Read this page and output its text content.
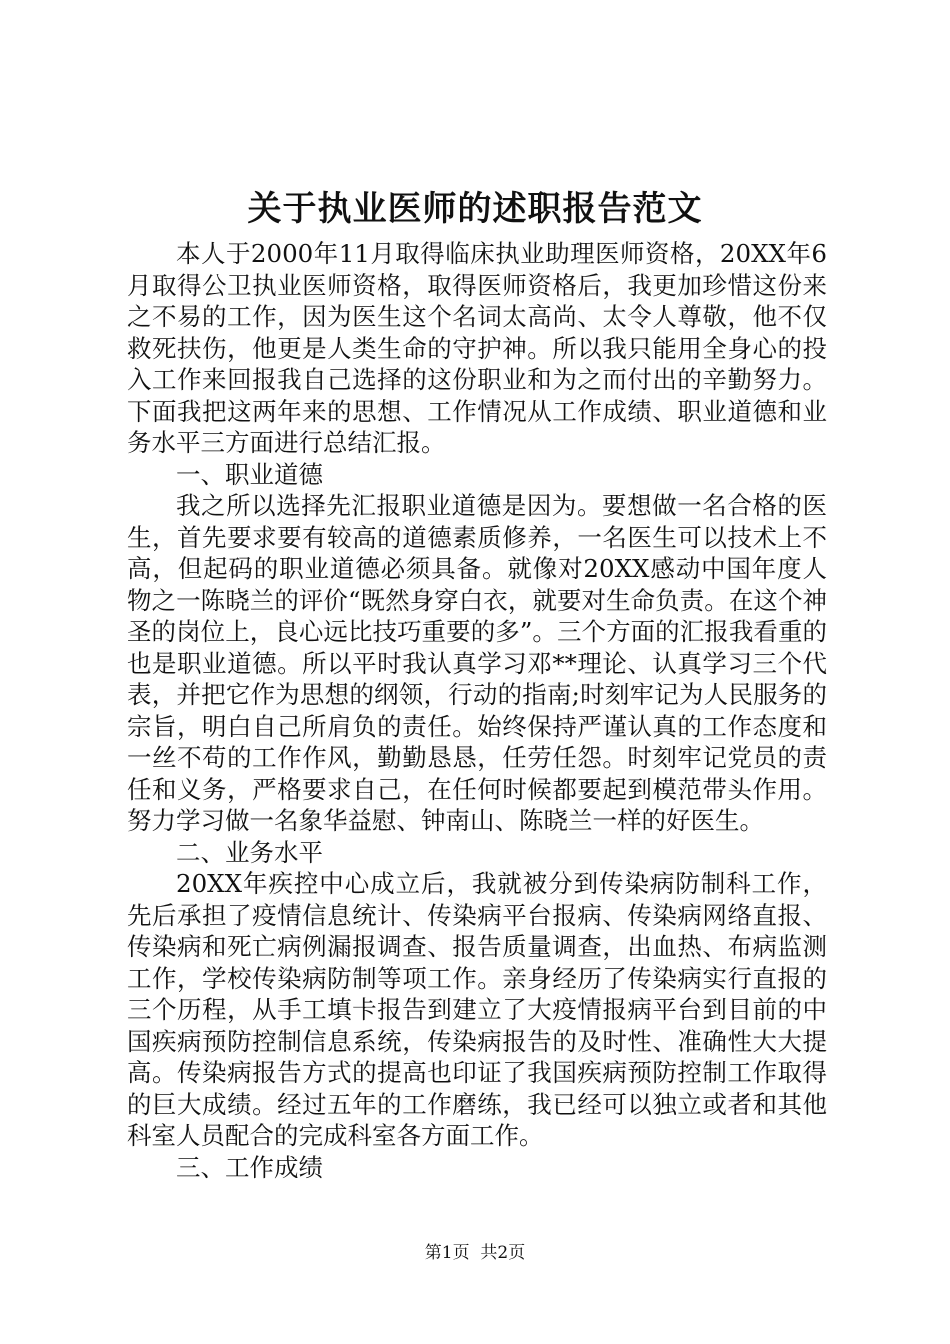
关于执业医师的述职报告范文

本人于2000年11月取得临床执业助理医师资格，20XX年6月取得公卫执业医师资格，取得医师资格后，我更加珍惜这份来之不易的工作，因为医生这个名词太高尚、太令人尊敬，他不仅救死扶伤，他更是人类生命的守护神。所以我只能用全身心的投入工作来回报我自己选择的这份职业和为之而付出的辛勤努力。下面我把这两年来的思想、工作情况从工作成绩、职业道德和业务水平三方面进行总结汇报。

一、职业道德

我之所以选择先汇报职业道德是因为。要想做一名合格的医生，首先要求要有较高的道德素质修养，一名医生可以技术上不高，但起码的职业道德必须具备。就像对20XX感动中国年度人物之一陈晓兰的评价“既然身穿白衣，就要对生命负责。在这个神圣的岗位上，良心远比技巧重要的多”。三个方面的汇报我看重的也是职业道德。所以平时我认真学习邓**理论、认真学习三个代表，并把它作为思想的纲领，行动的指南;时刻牢记为人民服务的宗旨，明白自己所肩负的责任。始终保持严谨认真的工作态度和一丝不苟的工作作风，勤勤恳恳，任劳任怨。时刻牢记党员的责任和义务，严格要求自己，在任何时候都要起到模范带头作用。努力学习做一名象华益慰、钟南山、陈晓兰一样的好医生。

二、业务水平

20XX年疾控中心成立后，我就被分到传染病防制科工作，先后承担了疫情信息统计、传染病平台报病、传染病网络直报、传染病和死亡病例漏报调查、报告质量调查，出血热、布病监测工作，学校传染病防制等项工作。亲身经历了传染病实行直报的三个历程，从手工填卡报告到建立了大疫情报病平台到目前的中国疾病预防控制信息系统，传染病报告的及时性、准确性大大提高。传染病报告方式的提高也印证了我国疾病预防控制工作取得的巨大成绩。经过五年的工作磨练，我已经可以独立或者和其他科室人员配合的完成科室各方面工作。

三、工作成绩

第1页  共2页
